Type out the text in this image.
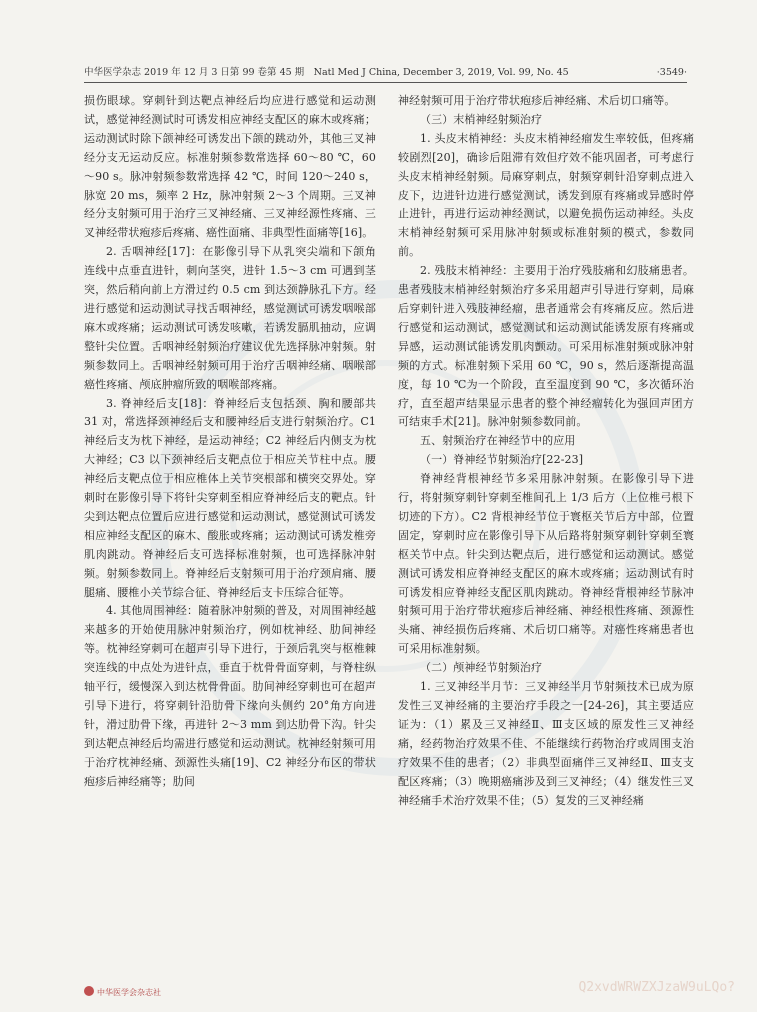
中华医学杂志 2019 年 12 月 3 日第 99 卷第 45 期　Natl Med J China, December 3, 2019, Vol. 99, No. 45	·3549·

损伤眼球。穿刺针到达靶点神经后均应进行感觉和运动测试，感觉神经测试时可诱发相应神经支配区的麻木或疼痛；运动测试时除下颌神经可诱发出下颌的跳动外，其他三叉神经分支无运动反应。标准射频参数常选择 60～80 ℃，60～90 s。脉冲射频参数常选择 42 ℃，时间 120～240 s，脉宽 20 ms，频率 2 Hz，脉冲射频 2～3 个周期。三叉神经分支射频可用于治疗三叉神经痛、三叉神经源性疼痛、三叉神经带状疱疹后疼痛、癌性面痛、非典型性面痛等[16]。

2. 舌咽神经[17]：在影像引导下从乳突尖端和下颌角连线中点垂直进针，刺向茎突，进针 1.5～3 cm 可遇到茎突，然后稍向前上方滑过约 0.5 cm 到达颈静脉孔下方。经进行感觉和运动测试寻找舌咽神经，感觉测试可诱发咽喉部麻木或疼痛；运动测试可诱发咳嗽，若诱发膈肌抽动，应调整针尖位置。舌咽神经射频治疗建议优先选择脉冲射频。射频参数同上。舌咽神经射频可用于治疗舌咽神经痛、咽喉部癌性疼痛、颅底肿瘤所致的咽喉部疼痛。

3. 脊神经后支[18]：脊神经后支包括颈、胸和腰部共 31 对，常选择颈神经后支和腰神经后支进行射频治疗。C1 神经后支为枕下神经，是运动神经；C2 神经后内侧支为枕大神经；C3 以下颈神经后支靶点位于相应关节柱中点。腰神经后支靶点位于相应椎体上关节突根部和横突交界处。穿刺时在影像引导下将针尖穿刺至相应脊神经后支的靶点。针尖到达靶点位置后应进行感觉和运动测试，感觉测试可诱发相应神经支配区的麻木、酸胀或疼痛；运动测试可诱发椎旁肌肉跳动。脊神经后支可选择标准射频，也可选择脉冲射频。射频参数同上。脊神经后支射频可用于治疗颈肩痛、腰腿痛、腰椎小关节综合征、脊神经后支卡压综合征等。

4. 其他周围神经：随着脉冲射频的普及，对周围神经越来越多的开始使用脉冲射频治疗，例如枕神经、肋间神经等。枕神经穿刺可在超声引导下进行，于颈后乳突与枢椎棘突连线的中点处为进针点，垂直于枕骨骨面穿刺，与脊柱纵轴平行，缓慢深入到达枕骨骨面。肋间神经穿刺也可在超声引导下进行，将穿刺针沿肋骨下缘向头侧约 20°角方向进针，滑过肋骨下缘，再进针 2～3 mm 到达肋骨下沟。针尖到达靶点神经后均需进行感觉和运动测试。枕神经射频可用于治疗枕神经痛、颈源性头痛[19]、C2 神经分布区的带状疱疹后神经痛等；肋间

神经射频可用于治疗带状疱疹后神经痛、术后切口痛等。

（三）末梢神经射频治疗

1. 头皮末梢神经：头皮末梢神经瘤发生率较低，但疼痛较剧烈[20]，确诊后阻滞有效但疗效不能巩固者，可考虑行头皮末梢神经射频。局麻穿刺点，射频穿刺针沿穿刺点进入皮下，边进针边进行感觉测试，诱发到原有疼痛或异感时停止进针，再进行运动神经测试，以避免损伤运动神经。头皮末梢神经射频可采用脉冲射频或标准射频的模式，参数同前。

2. 残肢末梢神经：主要用于治疗残肢痛和幻肢痛患者。患者残肢末梢神经射频治疗多采用超声引导进行穿刺，局麻后穿刺针进入残肢神经瘤，患者通常会有疼痛反应。然后进行感觉和运动测试，感觉测试和运动测试能诱发原有疼痛或异感，运动测试能诱发肌肉颤动。可采用标准射频或脉冲射频的方式。标准射频下采用 60 ℃，90 s，然后逐渐提高温度，每 10 ℃为一个阶段，直至温度到 90 ℃，多次循环治疗，直至超声结果显示患者的整个神经瘤转化为强回声团方可结束手术[21]。脉冲射频参数同前。

五、射频治疗在神经节中的应用

（一）脊神经节射频治疗[22-23]

脊神经背根神经节多采用脉冲射频。在影像引导下进行，将射频穿刺针穿刺至椎间孔上 1/3 后方（上位椎弓根下切迹的下方）。C2 背根神经节位于寰枢关节后方中部，位置固定，穿刺时应在影像引导下从后路将射频穿刺针穿刺至寰枢关节中点。针尖到达靶点后，进行感觉和运动测试。感觉测试可诱发相应脊神经支配区的麻木或疼痛；运动测试有时可诱发相应脊神经支配区肌肉跳动。脊神经背根神经节脉冲射频可用于治疗带状疱疹后神经痛、神经根性疼痛、颈源性头痛、神经损伤后疼痛、术后切口痛等。对癌性疼痛患者也可采用标准射频。

（二）颅神经节射频治疗

1. 三叉神经半月节：三叉神经半月节射频技术已成为原发性三叉神经痛的主要治疗手段之一[24-26]，其主要适应证为：（1）累及三叉神经Ⅱ、Ⅲ支区域的原发性三叉神经痛，经药物治疗效果不佳、不能继续行药物治疗或周围支治疗效果不佳的患者；（2）非典型面痛伴三叉神经Ⅱ、Ⅲ支支配区疼痛；（3）晚期癌痛涉及到三叉神经；（4）继发性三叉神经痛手术治疗效果不佳；（5）复发的三叉神经痛

中华医学会杂志社	Q2xvdWRWZXJzaW9uLQo?
